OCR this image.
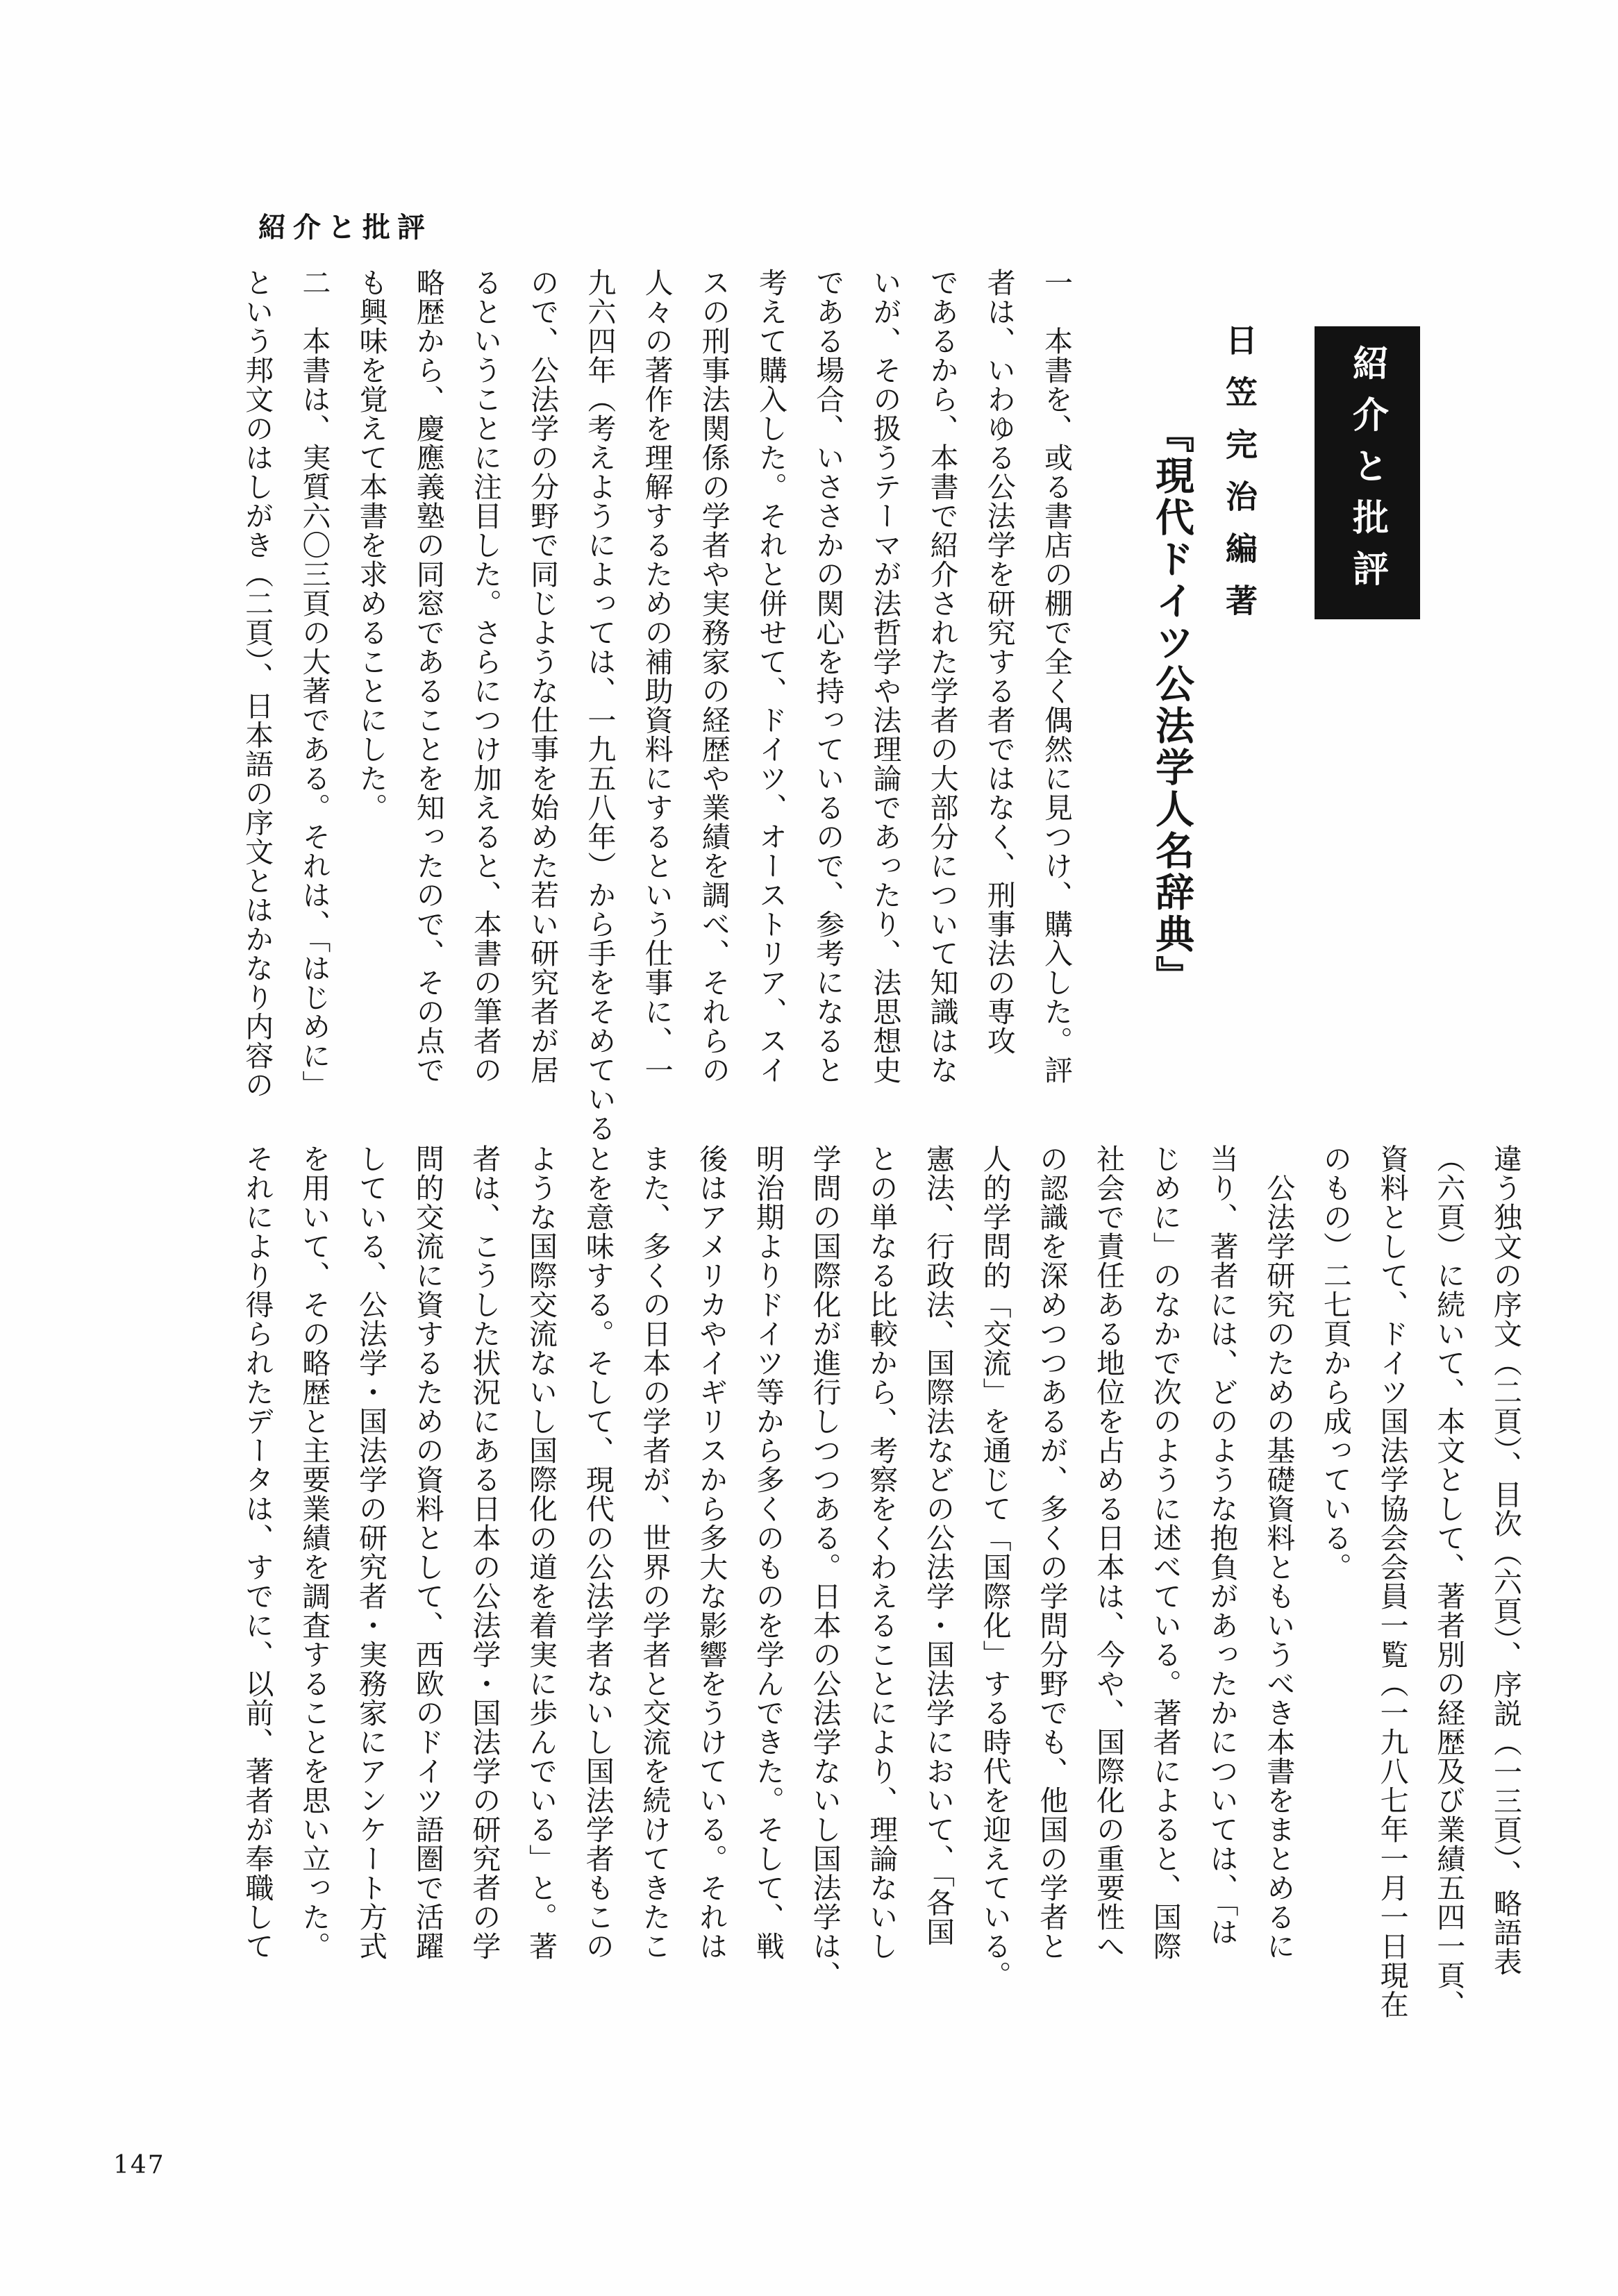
紹介と批評
紹介と批評
日笠完治編著
『現代ドイツ公法学人名辞典』
一　本書を、或る書店の棚で全く偶然に見つけ、購入した。評
者は、いわゆる公法学を研究する者ではなく、刑事法の専攻
であるから、本書で紹介された学者の大部分について知識はな
いが、その扱うテーマが法哲学や法理論であったり、法思想史
である場合、いささかの関心を持っているので、参考になると
考えて購入した。それと併せて、ドイツ、オーストリア、スイ
スの刑事法関係の学者や実務家の経歴や業績を調べ、それらの
人々の著作を理解するための補助資料にするという仕事に、一
九六四年（考えようによっては、一九五八年）から手をそめている
ので、公法学の分野で同じような仕事を始めた若い研究者が居
るということに注目した。さらにつけ加えると、本書の筆者の
略歴から、慶應義塾の同窓であることを知ったので、その点で
も興味を覚えて本書を求めることにした。
二　本書は、実質六〇三頁の大著である。それは、「はじめに」
という邦文のはしがき（二頁）、日本語の序文とはかなり内容の
違う独文の序文（二頁）、目次（六頁）、序説（一三頁）、略語表
（六頁）に続いて、本文として、著者別の経歴及び業績五四一頁、
資料として、ドイツ国法学協会会員一覧（一九八七年一月一日現在
のもの）二七頁から成っている。
　公法学研究のための基礎資料ともいうべき本書をまとめるに
当り、著者には、どのような抱負があったかについては、「は
じめに」のなかで次のように述べている。著者によると、国際
社会で責任ある地位を占める日本は、今や、国際化の重要性へ
の認識を深めつつあるが、多くの学問分野でも、他国の学者と
人的学問的「交流」を通じて「国際化」する時代を迎えている。
憲法、行政法、国際法などの公法学・国法学において、「各国
との単なる比較から、考察をくわえることにより、理論ないし
学問の国際化が進行しつつある。日本の公法学ないし国法学は、
明治期よりドイツ等から多くのものを学んできた。そして、戦
後はアメリカやイギリスから多大な影響をうけている。それは
また、多くの日本の学者が、世界の学者と交流を続けてきたこ
とを意味する。そして、現代の公法学者ないし国法学者もこの
ような国際交流ないし国際化の道を着実に歩んでいる」と。著
者は、こうした状況にある日本の公法学・国法学の研究者の学
問的交流に資するための資料として、西欧のドイツ語圏で活躍
している、公法学・国法学の研究者・実務家にアンケート方式
を用いて、その略歴と主要業績を調査することを思い立った。
それにより得られたデータは、すでに、以前、著者が奉職して
147
